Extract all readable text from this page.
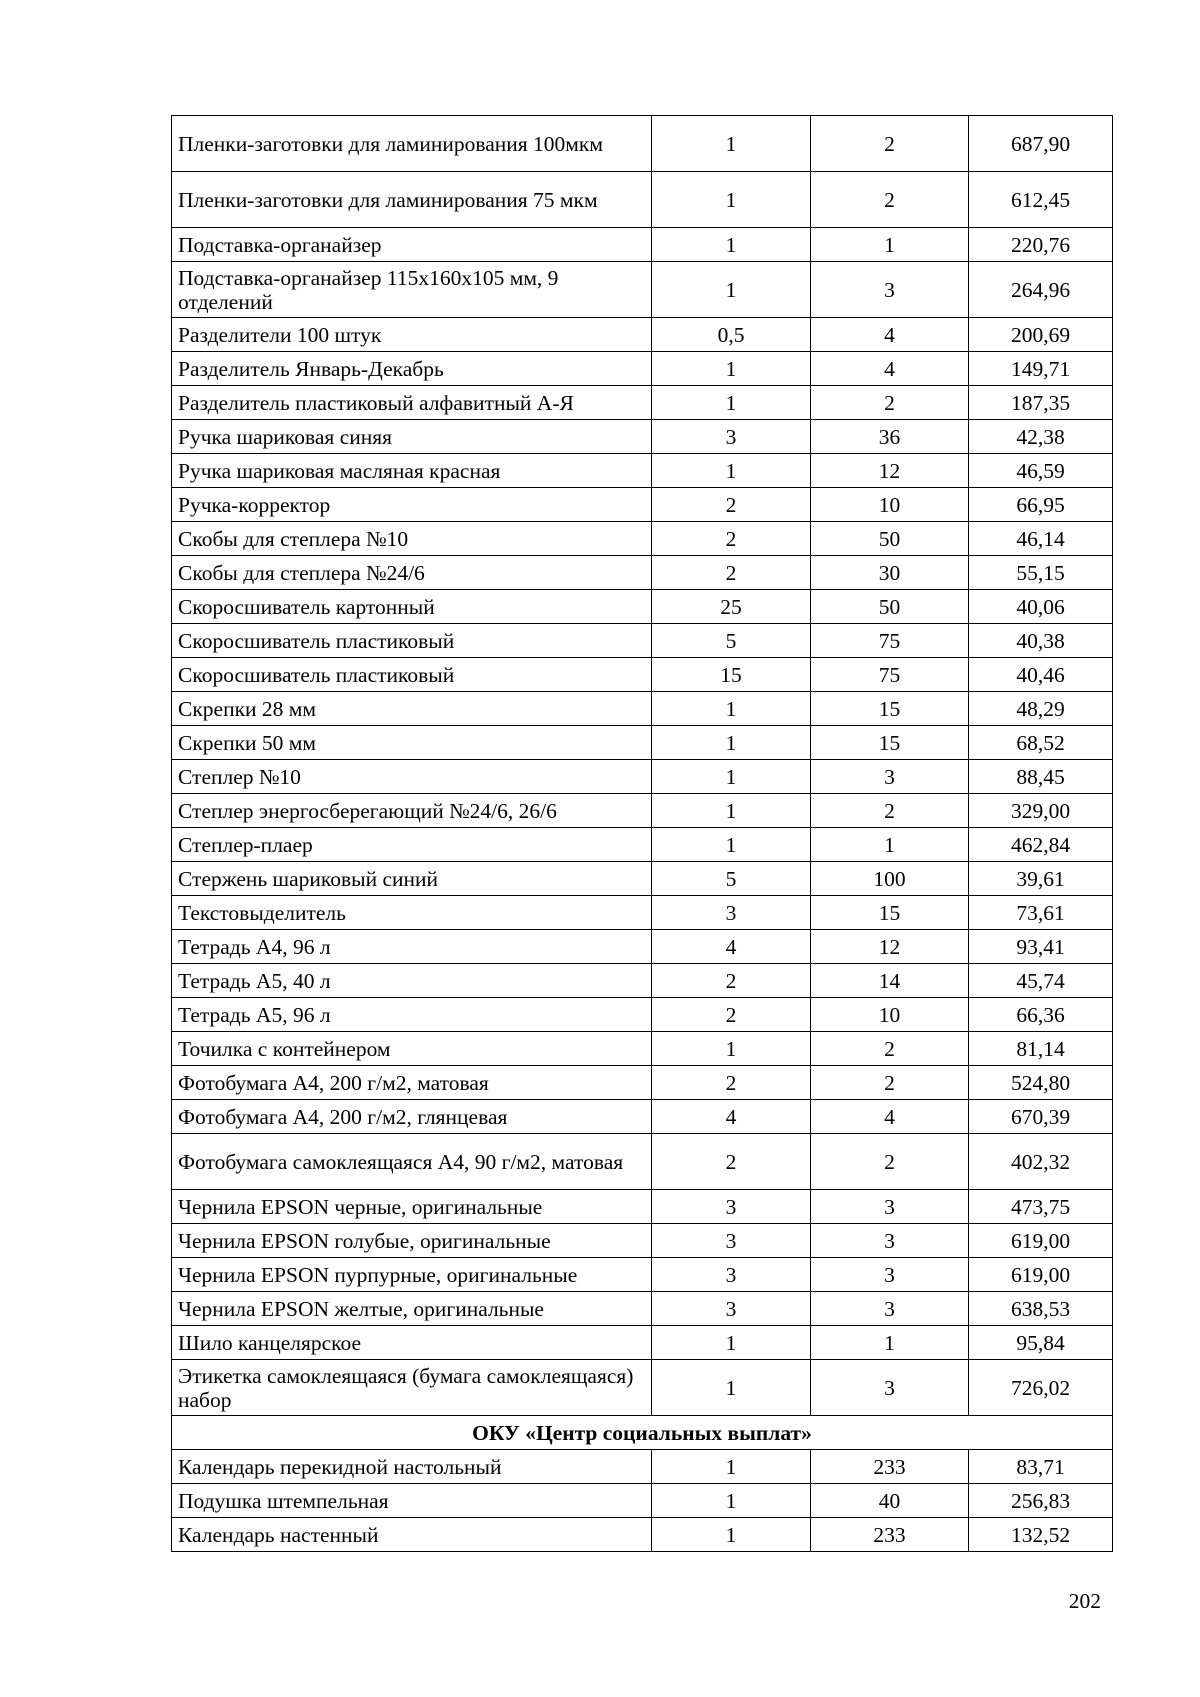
Пленки-заготовки для ламинирования 100мкм	1	2	687,90
Пленки-заготовки для ламинирования 75 мкм	1	2	612,45
Подставка-органайзер	1	1	220,76
Подставка-органайзер 115х160х105 мм, 9 отделений	1	3	264,96
Разделители 100 штук	0,5	4	200,69
Разделитель Январь-Декабрь	1	4	149,71
Разделитель пластиковый алфавитный А-Я	1	2	187,35
Ручка шариковая синяя	3	36	42,38
Ручка шариковая масляная красная	1	12	46,59
Ручка-корректор	2	10	66,95
Скобы для степлера №10	2	50	46,14
Скобы для степлера №24/6	2	30	55,15
Скоросшиватель картонный	25	50	40,06
Скоросшиватель пластиковый	5	75	40,38
Скоросшиватель пластиковый	15	75	40,46
Скрепки 28 мм	1	15	48,29
Скрепки 50 мм	1	15	68,52
Степлер №10	1	3	88,45
Степлер энергосберегающий №24/6, 26/6	1	2	329,00
Степлер-плаер	1	1	462,84
Стержень шариковый синий	5	100	39,61
Текстовыделитель	3	15	73,61
Тетрадь А4, 96 л	4	12	93,41
Тетрадь А5, 40 л	2	14	45,74
Тетрадь А5, 96 л	2	10	66,36
Точилка с контейнером	1	2	81,14
Фотобумага А4, 200 г/м2, матовая	2	2	524,80
Фотобумага А4, 200 г/м2, глянцевая	4	4	670,39
Фотобумага самоклеящаяся А4, 90 г/м2, матовая	2	2	402,32
Чернила EPSON черные, оригинальные	3	3	473,75
Чернила EPSON голубые, оригинальные	3	3	619,00
Чернила EPSON пурпурные, оригинальные	3	3	619,00
Чернила EPSON желтые, оригинальные	3	3	638,53
Шило канцелярское	1	1	95,84
Этикетка самоклеящаяся (бумага самоклеящаяся) набор	1	3	726,02
ОКУ «Центр социальных выплат»			
Календарь перекидной настольный	1	233	83,71
Подушка штемпельная	1	40	256,83
Календарь настенный	1	233	132,52
202
